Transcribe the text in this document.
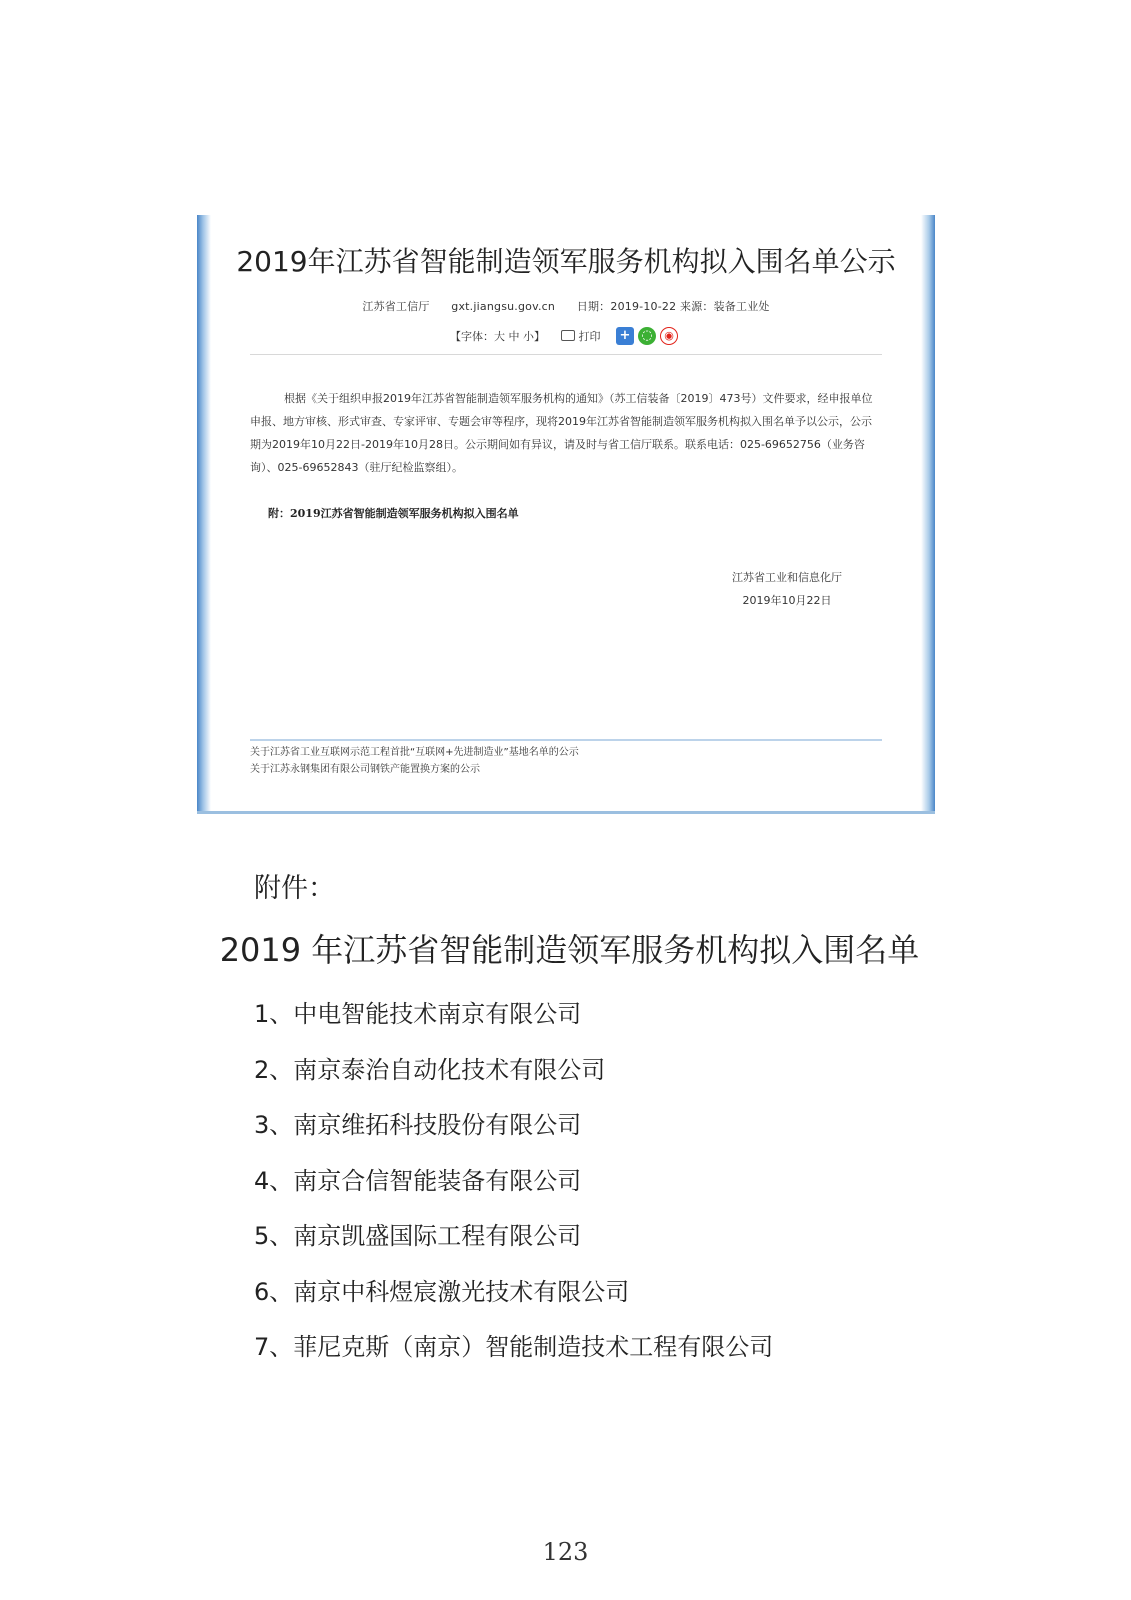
2019年江苏省智能制造领军服务机构拟入围名单公示
江苏省工信厅 gxt.jiangsu.gov.cn 日期：2019-10-22 来源：装备工业处
【字体：大 中 小】	打印 + ◌ ◉
根据《关于组织申报2019年江苏省智能制造领军服务机构的通知》（苏工信装备〔2019〕473号）文件要求，经申报单位申报、地方审核、形式审查、专家评审、专题会审等程序，现将2019年江苏省智能制造领军服务机构拟入围名单予以公示，公示期为2019年10月22日-2019年10月28日。公示期间如有异议，请及时与省工信厅联系。联系电话：025-69652756（业务咨询）、025-69652843（驻厅纪检监察组）。
附：2019江苏省智能制造领军服务机构拟入围名单
江苏省工业和信息化厅
2019年10月22日
关于江苏省工业互联网示范工程首批“互联网+先进制造业”基地名单的公示
关于江苏永钢集团有限公司钢铁产能置换方案的公示
附件：
2019 年江苏省智能制造领军服务机构拟入围名单
1、中电智能技术南京有限公司
2、南京泰治自动化技术有限公司
3、南京维拓科技股份有限公司
4、南京合信智能装备有限公司
5、南京凯盛国际工程有限公司
6、南京中科煜宸激光技术有限公司
7、菲尼克斯（南京）智能制造技术工程有限公司
123
